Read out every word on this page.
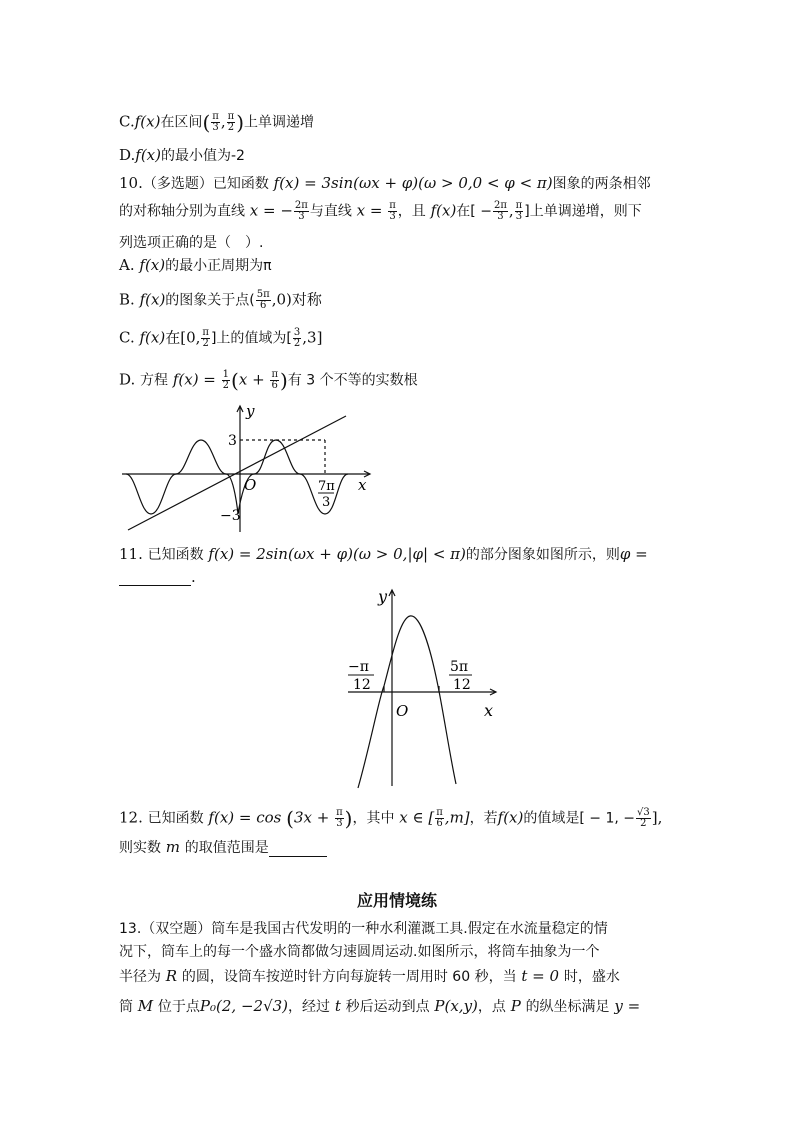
C.f(x)在区间( $\frac{\pi}{3}$ , $\frac{\pi}{2}$ )上单调递增
D.f(x)的最小值为-2
10.（多选题）已知函数 f(x) = 3sin(ωx + φ)(ω > 0,0 < φ < π)图象的两条相邻
的对称轴分别为直线 x = − $\frac{2\pi}{3}$ 与直线 $x = \frac{\pi}{3}$ ，且 f(x)在[ − $\frac{2\pi}{3}$ , $\frac{\pi}{3}$ ]上单调递增，则下
列选项正确的是（　）.
A. f(x)的最小正周期为π
B. f(x)的图象关于点( $\frac{5\pi}{6} ,0$)对称
C. f(x)在[0, $\frac{\pi}{2}$ ]上的值域为[ $\frac{3}{2} ,3$]
D. 方程 $f(x) = \frac{1}{2} (x + \frac{\pi}{6}$ )有 3 个不等的实数根
y
x
O
3
−3
7π
3
11. 已知函数 f(x) = 2sin(ωx + φ)(ω > 0,|φ| < π)的部分图象如图所示，则φ =
.
y
x
O
−π
12
5π
12
12. 已知函数 $f(x) = \cos (3x + \frac{\pi}{3}$ )，其中 x ∈ [ $\frac{\pi}{6} ,m$]，若f(x)的值域是[ − 1, − $\frac{√3}{2}$ ],
则实数 m 的取值范围是
应用情境练
13.（双空题）筒车是我国古代发明的一种水利灌溉工具.假定在水流量稳定的情
况下，筒车上的每一个盛水筒都做匀速圆周运动.如图所示，将筒车抽象为一个
半径为 R 的圆，设筒车按逆时针方向每旋转一周用时 60 秒，当 t = 0 时，盛水
筒 M 位于点P₀(2, −2√3)，经过 t 秒后运动到点 P(x,y)，点 P 的纵坐标满足 y =
